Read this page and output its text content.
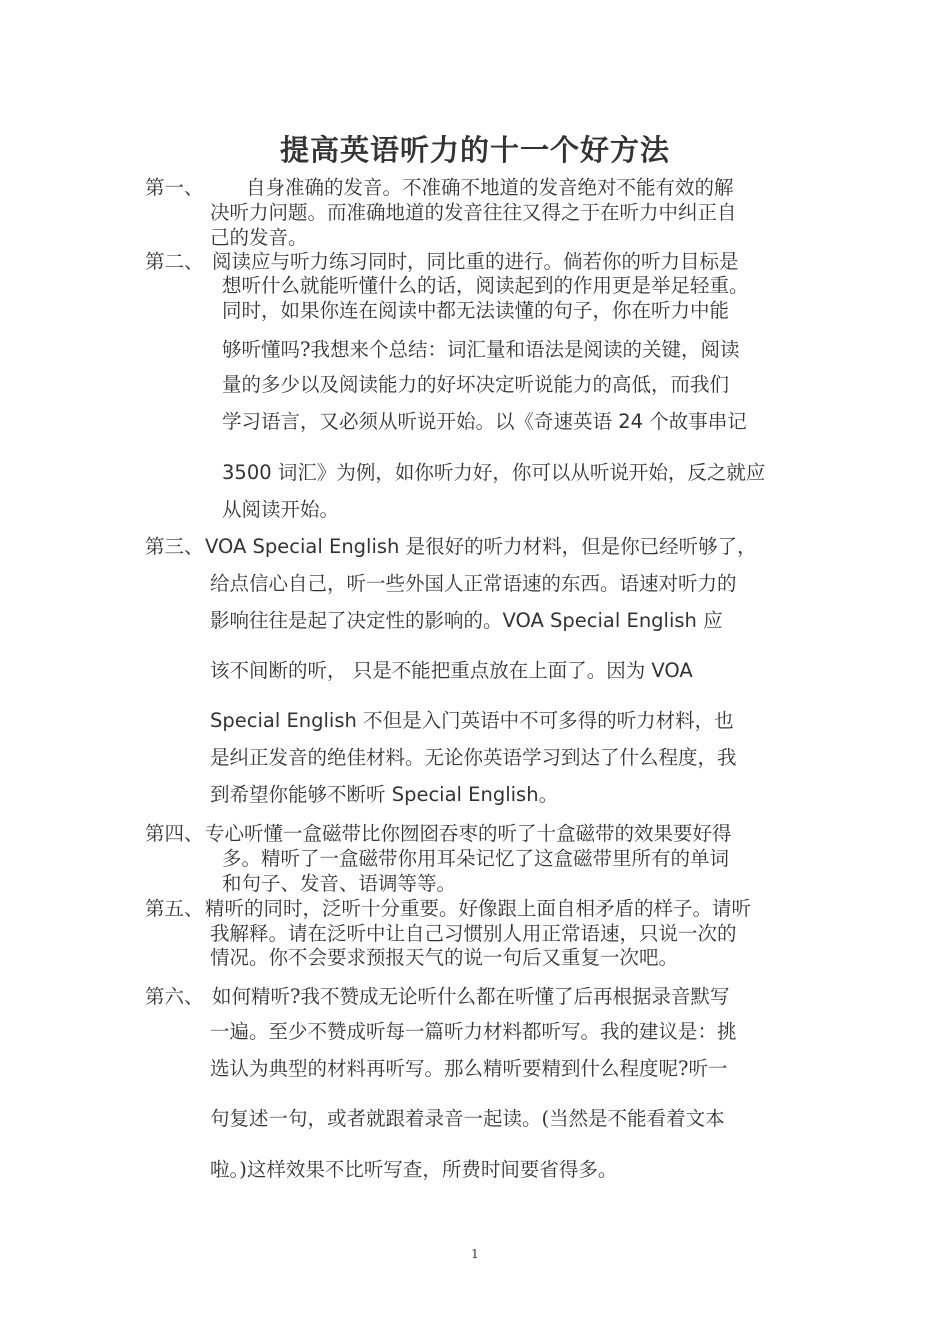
提高英语听力的十一个好方法
第一、 自身准确的发音。不准确不地道的发音绝对不能有效的解
决听力问题。而准确地道的发音往往又得之于在听力中纠正自
己的发音。
第二、 阅读应与听力练习同时，同比重的进行。倘若你的听力目标是
想听什么就能听懂什么的话，阅读起到的作用更是举足轻重。
同时，如果你连在阅读中都无法读懂的句子，你在听力中能
够听懂吗?我想来个总结：词汇量和语法是阅读的关键，阅读
量的多少以及阅读能力的好坏决定听说能力的高低，而我们
学习语言，又必须从听说开始。以《奇速英语 24 个故事串记
3500 词汇》为例，如你听力好，你可以从听说开始，反之就应
从阅读开始。
第三、 VOA Special English 是很好的听力材料，但是你已经听够了，
给点信心自己，听一些外国人正常语速的东西。语速对听力的
影响往往是起了决定性的影响的。VOA Special English 应
该不间断的听， 只是不能把重点放在上面了。因为 VOA
Special English 不但是入门英语中不可多得的听力材料，也
是纠正发音的绝佳材料。无论你英语学习到达了什么程度，我
到希望你能够不断听 Special English。
第四、 专心听懂一盒磁带比你囫囵吞枣的听了十盒磁带的效果要好得
多。精听了一盒磁带你用耳朵记忆了这盒磁带里所有的单词
和句子、发音、语调等等。
第五、 精听的同时，泛听十分重要。好像跟上面自相矛盾的样子。请听
我解释。请在泛听中让自己习惯别人用正常语速，只说一次的
情况。你不会要求预报天气的说一句后又重复一次吧。
第六、 如何精听?我不赞成无论听什么都在听懂了后再根据录音默写
一遍。至少不赞成听每一篇听力材料都听写。我的建议是：挑
选认为典型的材料再听写。那么精听要精到什么程度呢?听一
句复述一句，或者就跟着录音一起读。(当然是不能看着文本
啦。)这样效果不比听写查，所费时间要省得多。
1
